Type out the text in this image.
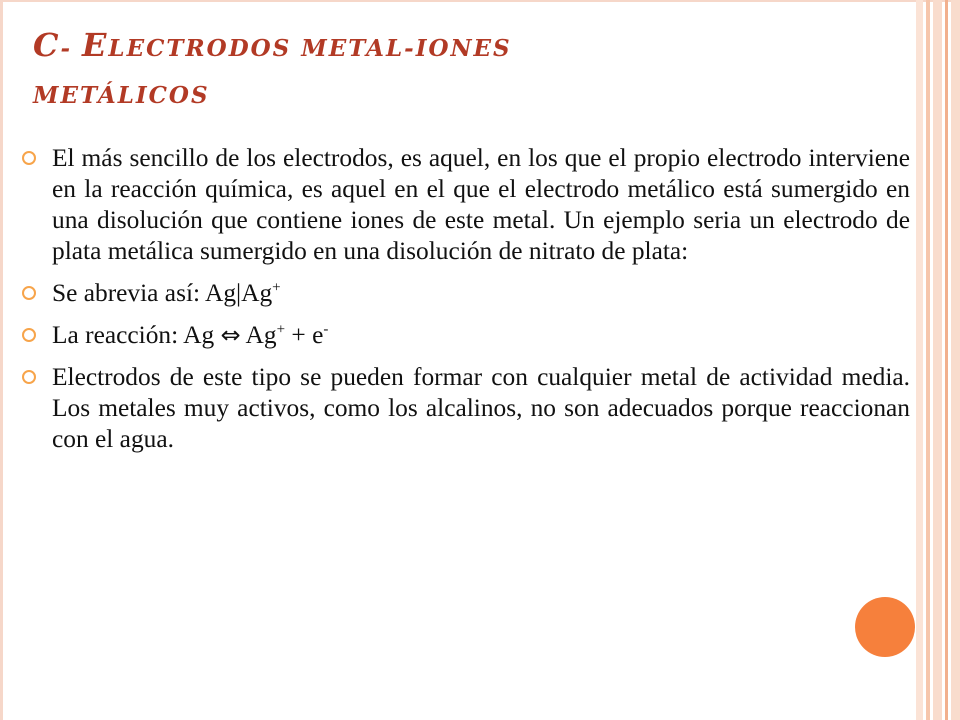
C- ELECTRODOS METAL-IONES
METÁLICOS
El más sencillo de los electrodos, es aquel, en los que el propio electrodo interviene en la reacción química, es aquel en el que el electrodo metálico está sumergido en una disolución que contiene iones de este metal. Un ejemplo seria un electrodo de plata metálica sumergido en una disolución de nitrato de plata:
Se abrevia así: Ag|Ag+
La reacción: Ag ⇔ Ag+ + e-
Electrodos de este tipo se pueden formar con cualquier metal de actividad media. Los metales muy activos, como los alcalinos, no son adecuados porque reaccionan con el agua.
